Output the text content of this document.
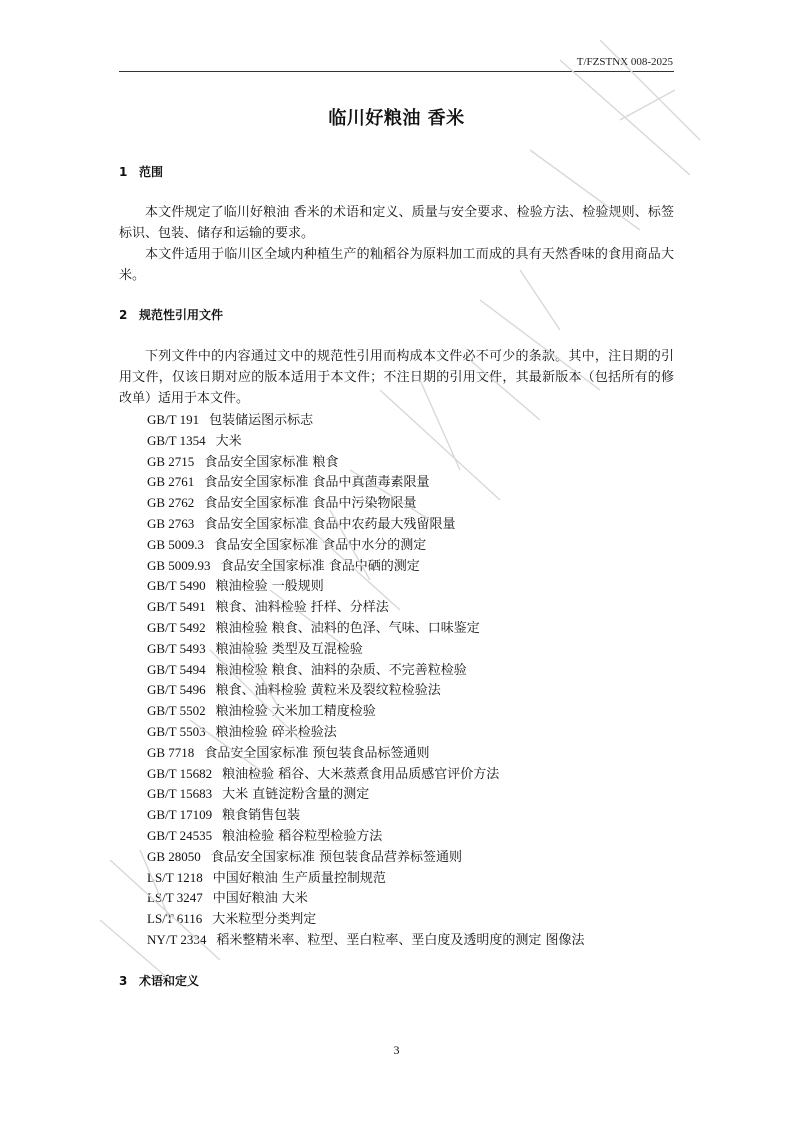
T/FZSTNX 008-2025
临川好粮油 香米
1 范围
本文件规定了临川好粮油 香米的术语和定义、质量与安全要求、检验方法、检验规则、标签标识、包装、储存和运输的要求。
本文件适用于临川区全域内种植生产的籼稻谷为原料加工而成的具有天然香味的食用商品大米。
2 规范性引用文件
下列文件中的内容通过文中的规范性引用而构成本文件必不可少的条款。其中，注日期的引用文件，仅该日期对应的版本适用于本文件；不注日期的引用文件，其最新版本（包括所有的修改单）适用于本文件。
GB/T 191 包装储运图示标志
GB/T 1354 大米
GB 2715 食品安全国家标准 粮食
GB 2761 食品安全国家标准 食品中真菌毒素限量
GB 2762 食品安全国家标准 食品中污染物限量
GB 2763 食品安全国家标准 食品中农药最大残留限量
GB 5009.3 食品安全国家标准 食品中水分的测定
GB 5009.93 食品安全国家标准 食品中硒的测定
GB/T 5490 粮油检验 一般规则
GB/T 5491 粮食、油料检验 扦样、分样法
GB/T 5492 粮油检验 粮食、油料的色泽、气味、口味鉴定
GB/T 5493 粮油检验 类型及互混检验
GB/T 5494 粮油检验 粮食、油料的杂质、不完善粒检验
GB/T 5496 粮食、油料检验 黄粒米及裂纹粒检验法
GB/T 5502 粮油检验 大米加工精度检验
GB/T 5503 粮油检验 碎米检验法
GB 7718 食品安全国家标准 预包装食品标签通则
GB/T 15682 粮油检验 稻谷、大米蒸煮食用品质感官评价方法
GB/T 15683 大米 直链淀粉含量的测定
GB/T 17109 粮食销售包装
GB/T 24535 粮油检验 稻谷粒型检验方法
GB 28050 食品安全国家标准 预包装食品营养标签通则
LS/T 1218 中国好粮油 生产质量控制规范
LS/T 3247 中国好粮油 大米
LS/T 6116 大米粒型分类判定
NY/T 2334 稻米整精米率、粒型、垩白粒率、垩白度及透明度的测定 图像法
3 术语和定义
3
